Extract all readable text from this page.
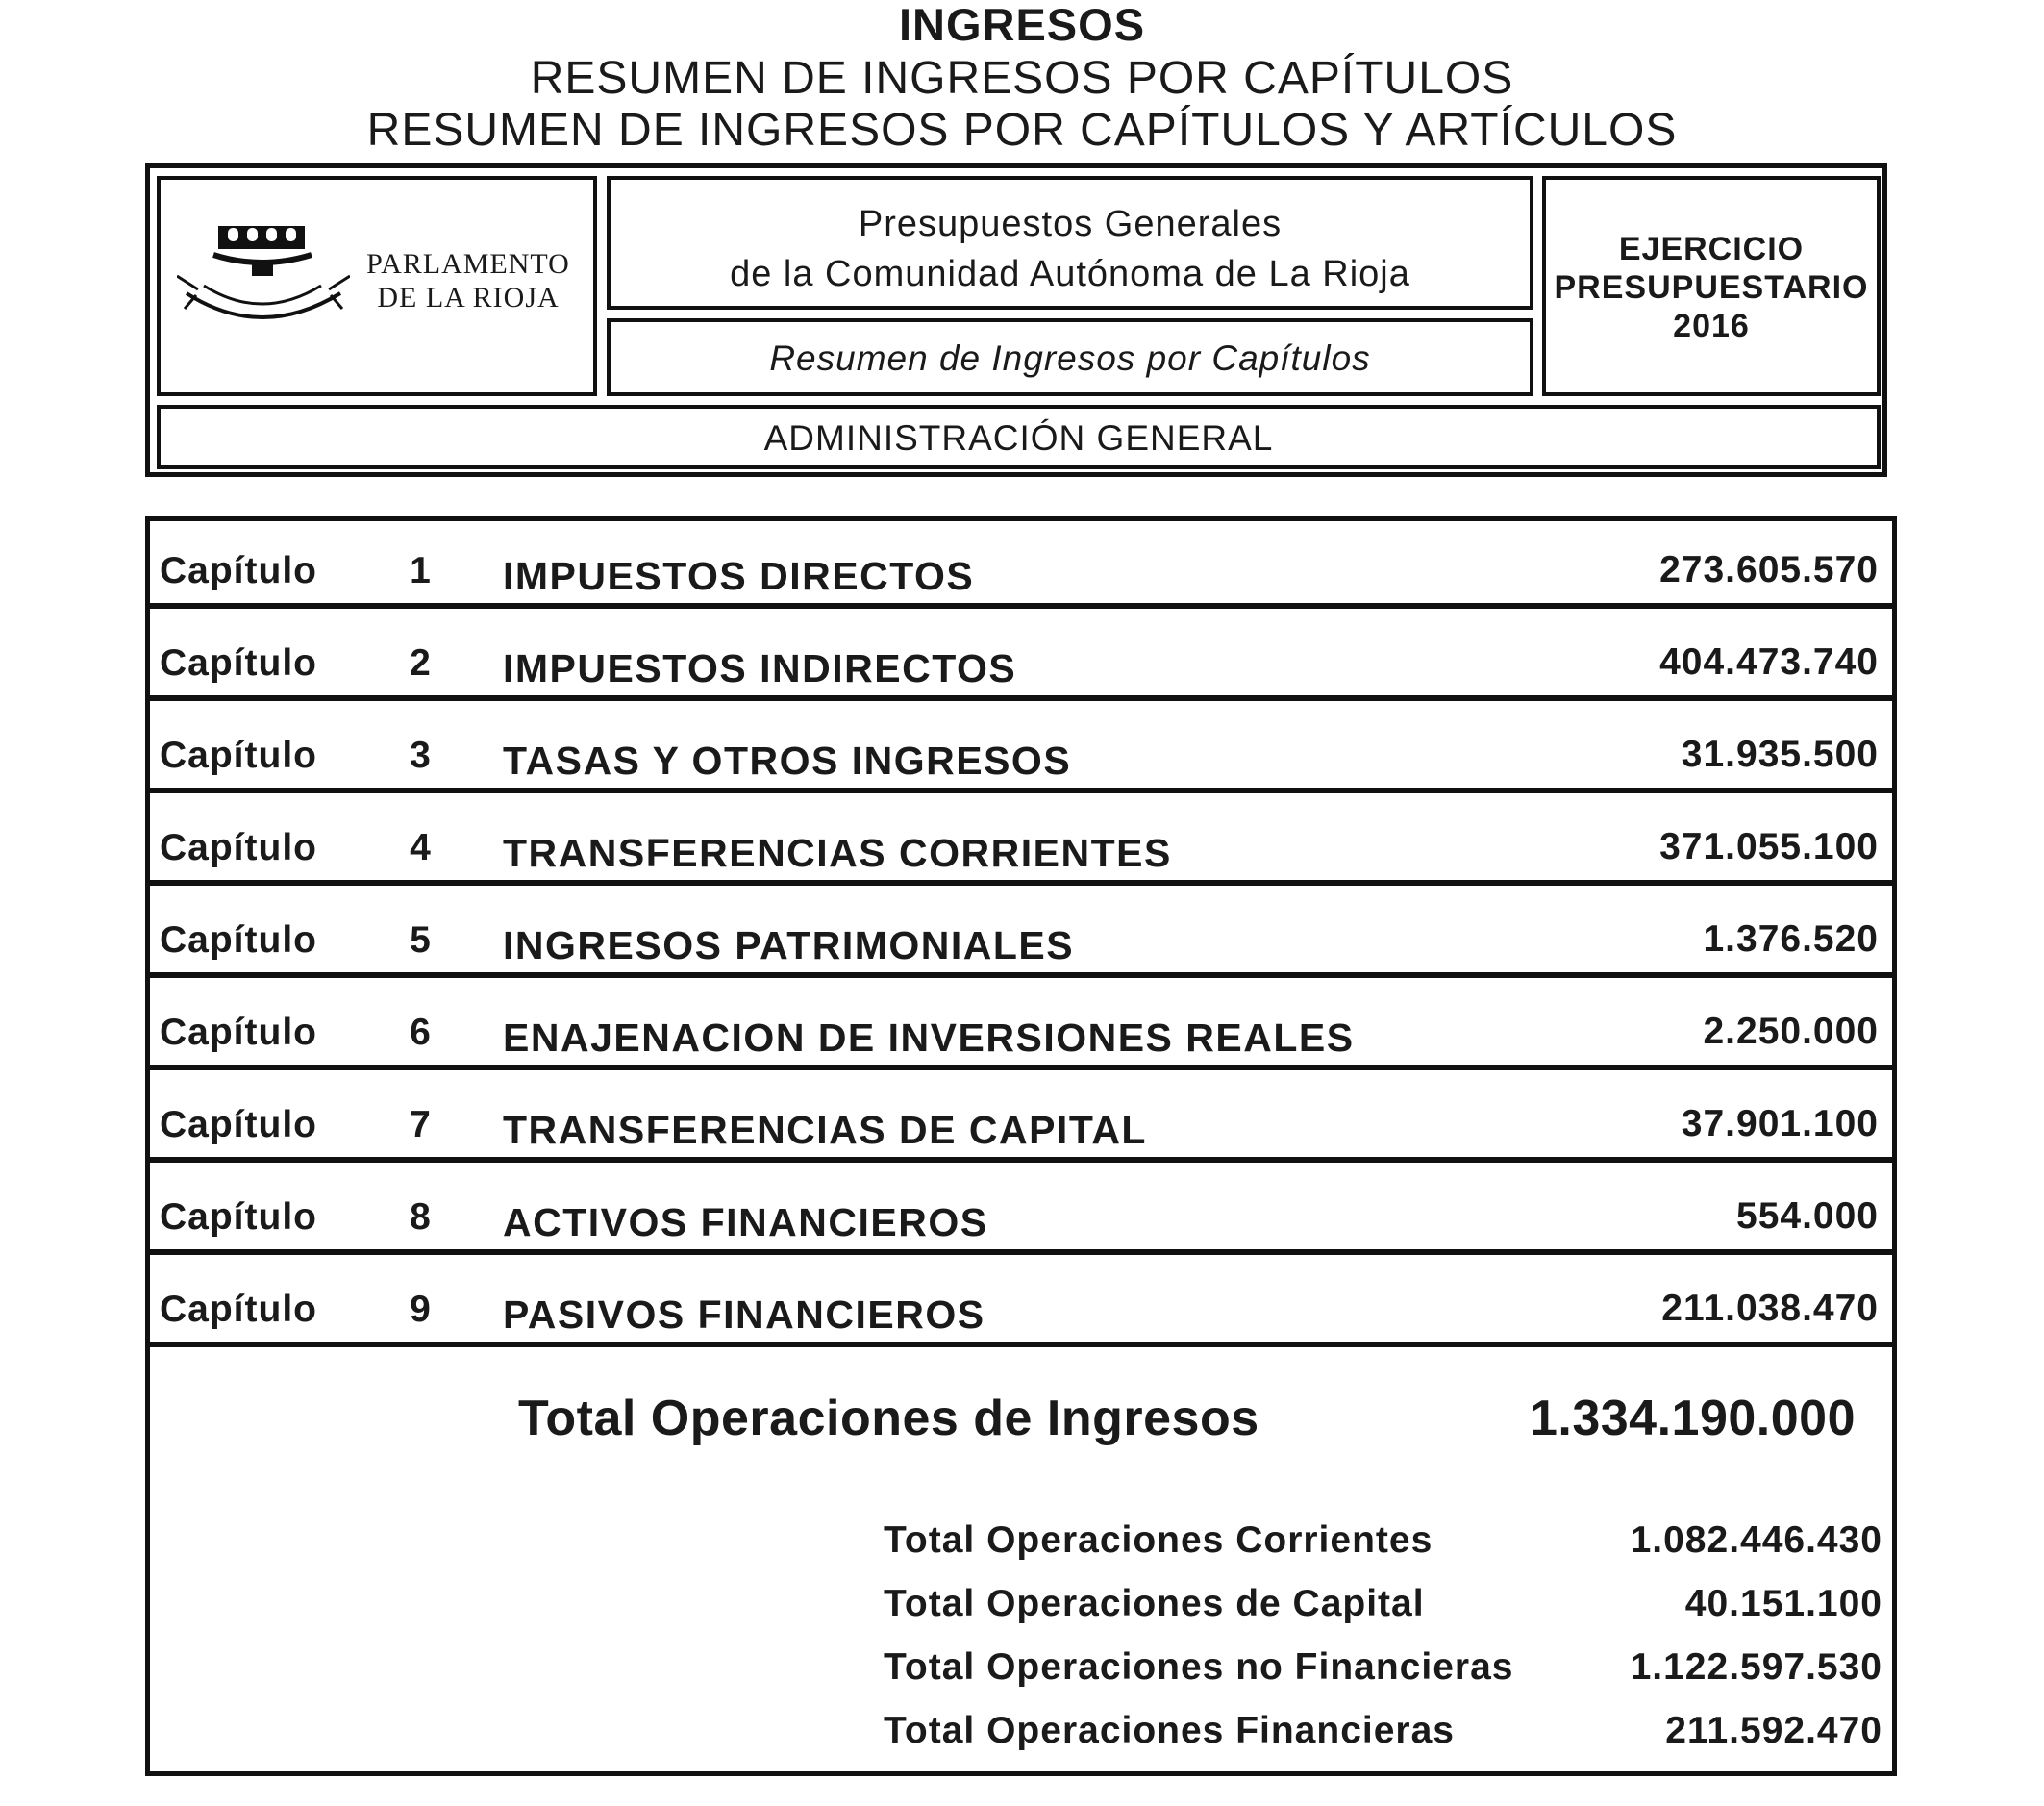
INGRESOS
RESUMEN DE INGRESOS POR CAPÍTULOS
RESUMEN DE INGRESOS POR CAPÍTULOS Y ARTÍCULOS
PARLAMENTO
DE LA RIOJA
Presupuestos Generales
de la Comunidad Autónoma de La Rioja
Resumen de Ingresos por Capítulos
EJERCICIO
PRESUPUESTARIO
2016
ADMINISTRACIÓN GENERAL
Capítulo 1 IMPUESTOS DIRECTOS	273.605.570
Capítulo 2 IMPUESTOS INDIRECTOS	404.473.740
Capítulo 3 TASAS Y OTROS INGRESOS	31.935.500
Capítulo 4 TRANSFERENCIAS CORRIENTES	371.055.100
Capítulo 5 INGRESOS PATRIMONIALES	1.376.520
Capítulo 6 ENAJENACION DE INVERSIONES REALES	2.250.000
Capítulo 7 TRANSFERENCIAS DE CAPITAL	37.901.100
Capítulo 8 ACTIVOS FINANCIEROS	554.000
Capítulo 9 PASIVOS FINANCIEROS	211.038.470
Total Operaciones de Ingresos	1.334.190.000
Total Operaciones Corrientes	1.082.446.430
Total Operaciones de Capital	40.151.100
Total Operaciones no Financieras	1.122.597.530
Total Operaciones Financieras	211.592.470
